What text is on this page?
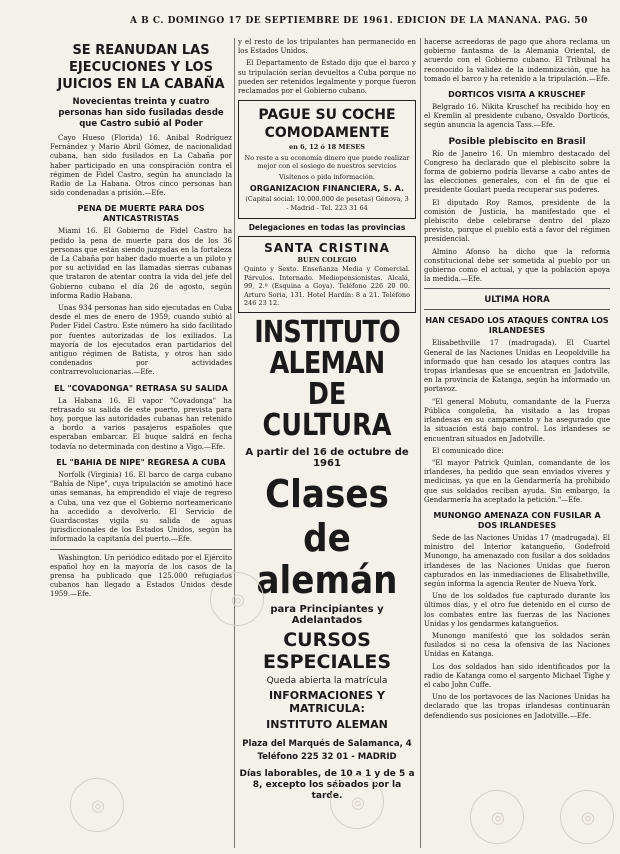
A B C. DOMINGO 17 DE SEPTIEMBRE DE 1961. EDICION DE LA MAÑANA. PAG. 50
SE REANUDAN LAS EJECUCIONES Y LOS JUICIOS EN LA CABAÑA
Novecientas treinta y cuatro personas han sido fusiladas desde que Castro subió al Poder

Cayo Hueso (Florida) 16. Anibal Rodríguez Fernández y Mario Abril Gómez, de nacionalidad cubana, han sido fusilados en La Cabaña por haber participado en una conspiración contra el régimen de Fidel Castro, según ha anunciado la Radio de La Habana. Otros cinco personas han sido condenadas a prisión.—Efe.

PENA DE MUERTE PARA DOS ANTICASTRISTAS

Miami 16. El Gobierno de Fidel Castro ha pedido la pena de muerte para dos de los 36 personas que están siendo juzgadas en la fortaleza de La Cabaña por haber dado muerte a un piloto y por su actividad en las llamadas sierras cubanas que trataron de atentar contra la vida del jefe del Gobierno cubano el día 26 de agosto, según informa Radio Habana.

Unas 934 personas han sido ejecutadas en Cuba desde el mes de enero de 1959, cuando subió al Poder Fidel Castro. Este número ha sido facilitado por fuentes autorizadas de los exiliados. La mayoría de los ejecutados eran partidarios del antiguo régimen de Batista, y otros han sido condenados por actividades contrarrevolucionarias.—Efe.

EL "COVADONGA" RETRASA SU SALIDA

La Habana 16. El vapor "Covadonga" ha retrasado su salida de este puerto, prevista para hoy, porque las autoridades cubanas han retenido a bordo a varios pasajeros españoles que esperaban embarcar. El buque saldrá en fecha todavía no determinada con destino a Vigo.—Efe.

EL "BAHIA DE NIPE" REGRESA A CUBA

Norfolk (Virginia) 16. El barco de carga cubano "Bahía de Nipe", cuya tripulación se amotinó hace unas semanas, ha emprendido el viaje de regreso a Cuba, una vez que el Gobierno norteamericano ha accedido a devolverlo. El Servicio de Guardacostas vigila su salida de aguas jurisdiccionales de los Estados Unidos, según ha informado la capitanía del puerto.—Efe.

Washington. Un periódico editado por el Ejército español hoy en la mayoría de los casos de la prensa ha publicado que 125.000 refugiados cubanos han llegado a Estados Unidos desde 1959.—Efe.

y el resto de los tripulantes han permanecido en los Estados Unidos.

El Departamento de Estado dijo que el barco y su tripulación serían devueltos a Cuba porque no pueden ser retenidos legalmente y porque fueron reclamados por el Gobierno cubano.

PAGUE SU COCHE
COMODAMENTE
en 6, 12 ó 18 MESES
No reste a su economía dinero que puede realizar mejor con el sosiego de nuestros servicios
Visítenos o pida información.
ORGANIZACION FINANCIERA, S. A.
(Capital social: 10.000.000 de pesetas) Génova, 3 - Madrid - Tel. 223 31 64
Delegaciones en todas las provincias
SANTA CRISTINA
BUEN COLEGIO

Quinto y Sexto. Enseñanza Media y Comercial. Párvulos. Internado. Mediopensionistas. Alcalá, 99, 2.º (Esquina a Goya). Teléfono 226 20 00. Arturo Soria, 131. Hotel Hardín: 8 a 21. Teléfono 246 23 12.

INSTITUTO ALEMAN
DE CULTURA
A partir del 16 de octubre de 1961
Clases
de alemán
para Principiantes y Adelantados
CURSOS ESPECIALES
Queda abierta la matrícula
INFORMACIONES Y MATRICULA:
INSTITUTO ALEMAN
Plaza del Marqués de Salamanca, 4
Teléfono 225 32 01 - MADRID
Días laborables, de 10 a 1 y de 5 a 8, excepto los sábados por la tarde.

hacerse acreedoras de pago que ahora reclama un gobierno fantasma de la Alemania Oriental, de acuerdo con el Gobierno cubano. El Tribunal ha reconocido la validez de la indemnización, que ha tomado el barco y ha retenido a la tripulación.—Efe.

DORTICOS VISITA A KRUSCHEF

Belgrado 16. Nikita Kruschef ha recibido hoy en el Kremlin al presidente cubano, Osvaldo Dorticós, según anuncia la agencia Tass.—Efe.

Posible plebiscito en Brasil

Río de Janeiro 16. Un miembro destacado del Congreso ha declarado que el plebiscito sobre la forma de gobierno podría llevarse a cabo antes de las elecciones generales, con el fin de que el presidente Goulart pueda recuperar sus poderes.

El diputado Roy Ramos, presidente de la comisión de Justicia, ha manifestado que el plebiscito debe celebrarse dentro del plazo previsto, porque el pueblo está a favor del régimen presidencial.

Almino Afonso ha dicho que la reforma constitucional debe ser sometida al pueblo por un gobierno como el actual, y que la población apoya la medida.—Efe.

ULTIMA HORA
HAN CESADO LOS ATAQUES CONTRA LOS IRLANDESES

Elisabethville 17 (madrugada). El Cuartel General de las Naciones Unidas en Leopoldville ha informado que han cesado los ataques contra las tropas irlandesas que se encuentran en Jadotville, en la provincia de Katanga, según ha informado un portavoz.

"El general Mobutu, comandante de la Fuerza Pública congoleña, ha visitado a las tropas irlandesas en su campamento y ha asegurado que la situación está bajo control. Los irlandeses se encuentran situados en Jadotville.

El comunicado dice:

"El mayor Patrick Quinlan, comandante de los irlandeses, ha pedido que sean enviados víveres y medicinas, ya que en la Gendarmería ha prohibido que sus soldados reciban ayuda. Sin embargo, la Gendarmería ha aceptado la petición."—Efe.

MUNONGO AMENAZA CON FUSILAR A DOS IRLANDESES

Sede de las Naciones Unidas 17 (madrugada). El ministro del Interior katangueño, Godefroid Munongo, ha amenazado con fusilar a dos soldados irlandeses de las Naciones Unidas que fueron capturados en las inmediaciones de Elisabethville, según informa la agencia Reuter de Nueva York.

Uno de los soldados fue capturado durante los últimos días, y el otro fue detenido en el curso de los combates entre las fuerzas de las Naciones Unidas y los gendarmes katangueños.

Munongo manifestó que los soldados serán fusilados si no cesa la ofensiva de las Naciones Unidas en Katanga.

Los dos soldados han sido identificados por la radio de Katanga como el sargento Michael Tighe y el cabo John Cuffe.

Uno de los portavoces de las Naciones Unidas ha declarado que las tropas irlandesas continuarán defendiendo sus posiciones en Jadotville.—Efe.

◎
◎
◎
◎	◎
